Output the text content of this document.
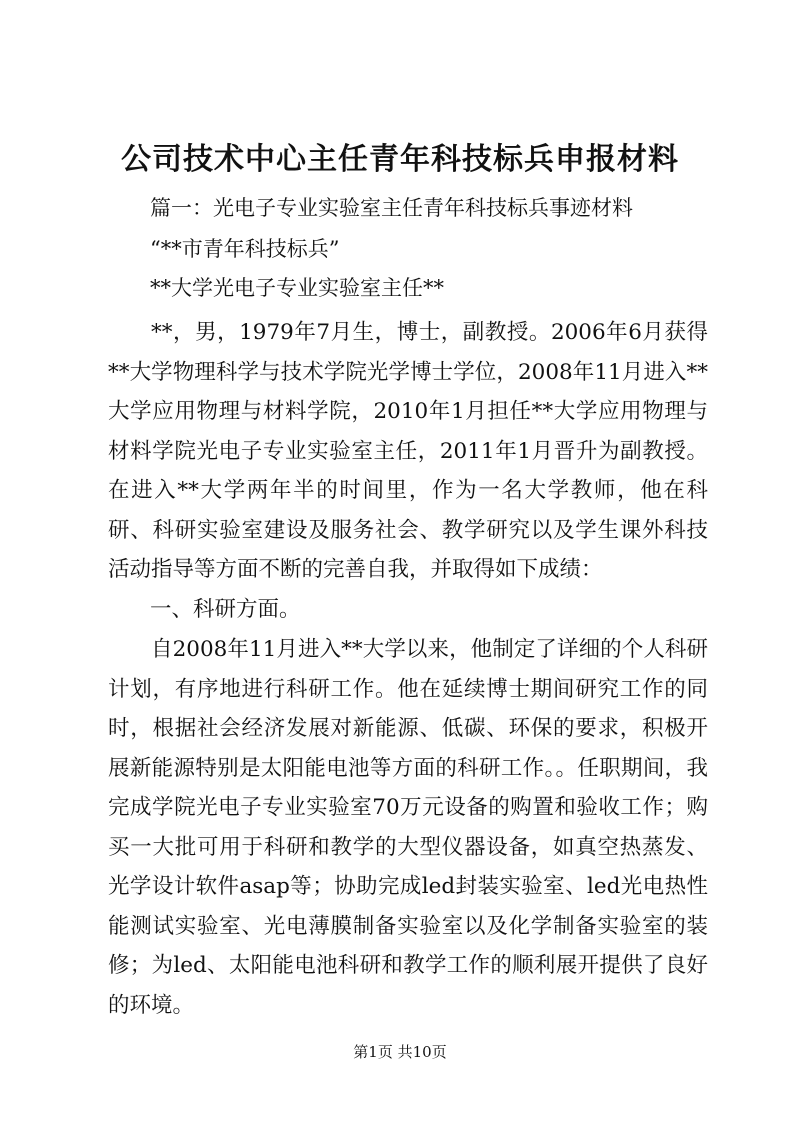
公司技术中心主任青年科技标兵申报材料

篇一：光电子专业实验室主任青年科技标兵事迹材料

“**市青年科技标兵”

**大学光电子专业实验室主任**

**，男，1979年7月生，博士，副教授。2006年6月获得**大学物理科学与技术学院光学博士学位，2008年11月进入**大学应用物理与材料学院，2010年1月担任**大学应用物理与材料学院光电子专业实验室主任，2011年1月晋升为副教授。在进入**大学两年半的时间里，作为一名大学教师，他在科研、科研实验室建设及服务社会、教学研究以及学生课外科技活动指导等方面不断的完善自我，并取得如下成绩：

一、科研方面。

自2008年11月进入**大学以来，他制定了详细的个人科研计划，有序地进行科研工作。他在延续博士期间研究工作的同时，根据社会经济发展对新能源、低碳、环保的要求，积极开展新能源特别是太阳能电池等方面的科研工作。。任职期间，我完成学院光电子专业实验室70万元设备的购置和验收工作；购买一大批可用于科研和教学的大型仪器设备，如真空热蒸发、光学设计软件asap等；协助完成led封装实验室、led光电热性能测试实验室、光电薄膜制备实验室以及化学制备实验室的装修；为led、太阳能电池科研和教学工作的顺利展开提供了良好的环境。

第1页 共10页
